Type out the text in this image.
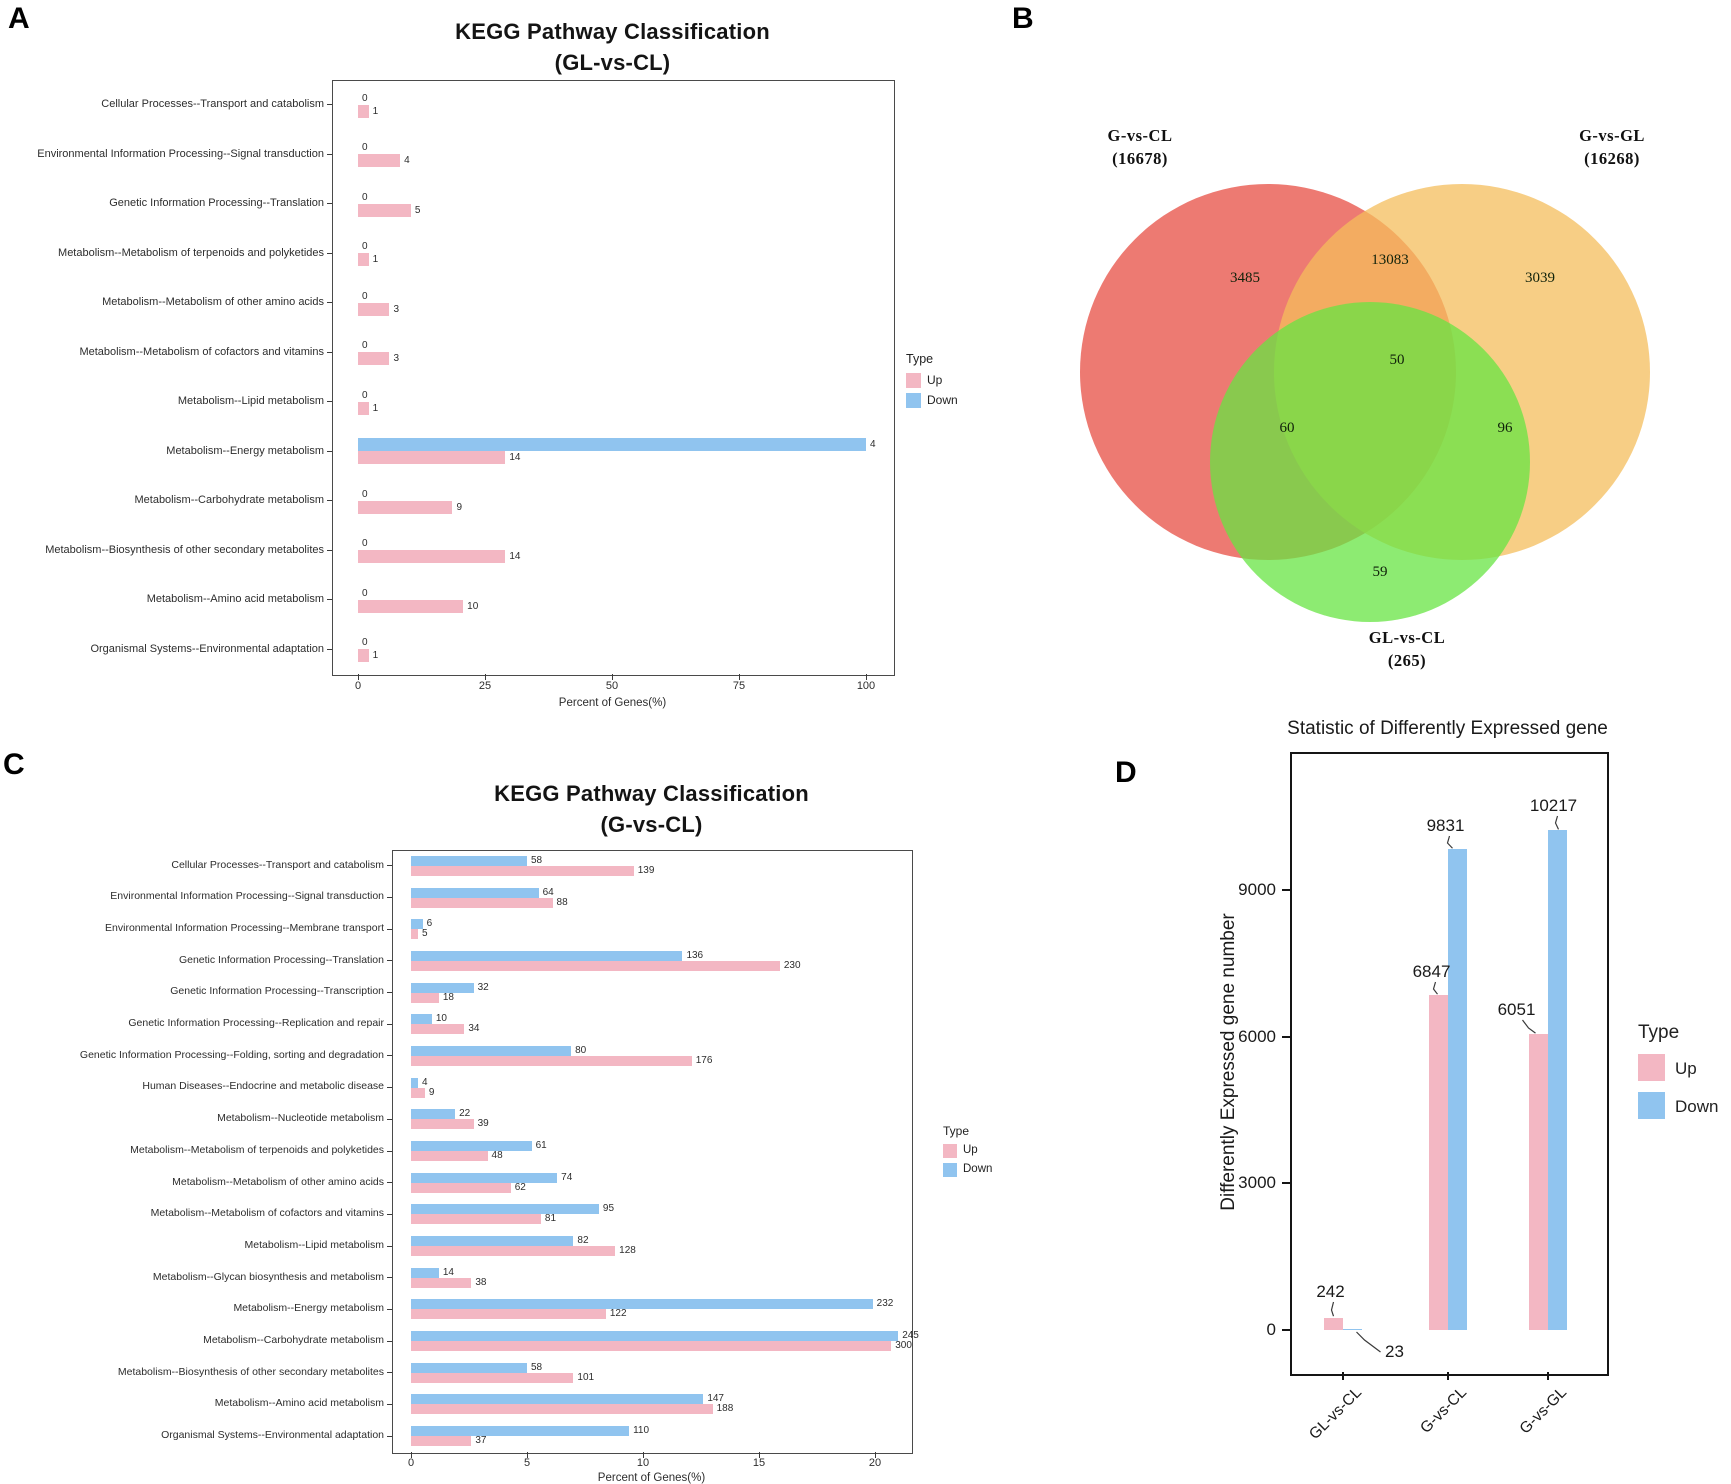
A	KEGG Pathway Classification
(GL-vs-CL)
0	25	50	75	100
Cellular Processes--Transport and catabolism
0
1
Environmental Information Processing--Signal transduction
0
4
Genetic Information Processing--Translation
0
5
Metabolism--Metabolism of terpenoids and polyketides
0
1
Metabolism--Metabolism of other amino acids
0
3
Metabolism--Metabolism of cofactors and vitamins
0
3
Metabolism--Lipid metabolism
0
1
Metabolism--Energy metabolism
4
14
Metabolism--Carbohydrate metabolism
0
9
Metabolism--Biosynthesis of other secondary metabolites
0
14
Metabolism--Amino acid metabolism
0
10
Organismal Systems--Environmental adaptation
0
1
Percent of Genes(%)
Type
Up
Down
B
G-vs-CL
(16678)
G-vs-GL
(16268)
GL-vs-CL
(265)
3485
13083
3039
60
50
96
59
C
KEGG Pathway Classification
(G-vs-CL)
0	5	10	15	20
Cellular Processes--Transport and catabolism	58
139
Environmental Information Processing--Signal transduction	64
88
Environmental Information Processing--Membrane transport	6
5
Genetic Information Processing--Translation	136
230
Genetic Information Processing--Transcription	32
18
Genetic Information Processing--Replication and repair	10
34
Genetic Information Processing--Folding, sorting and degradation	80
176
Human Diseases--Endocrine and metabolic disease	4
9
Metabolism--Nucleotide metabolism	22
39
Metabolism--Metabolism of terpenoids and polyketides	61
48
Metabolism--Metabolism of other amino acids	74
62
Metabolism--Metabolism of cofactors and vitamins	95
81
Metabolism--Lipid metabolism	82
128
Metabolism--Glycan biosynthesis and metabolism	14
38
Metabolism--Energy metabolism	232
122
Metabolism--Carbohydrate metabolism	245
300
Metabolism--Biosynthesis of other secondary metabolites	58
101
Metabolism--Amino acid metabolism	147
188
Organismal Systems--Environmental adaptation	110
37
Percent of Genes(%)
Type
Up
Down
D
Statistic of Differently Expressed gene
Differently Expressed gene number
0
3000
6000
9000
GL-vs-CL	G-vs-CL	G-vs-GL
242
23
6847
9831
6051
10217
Type
Up
Down
